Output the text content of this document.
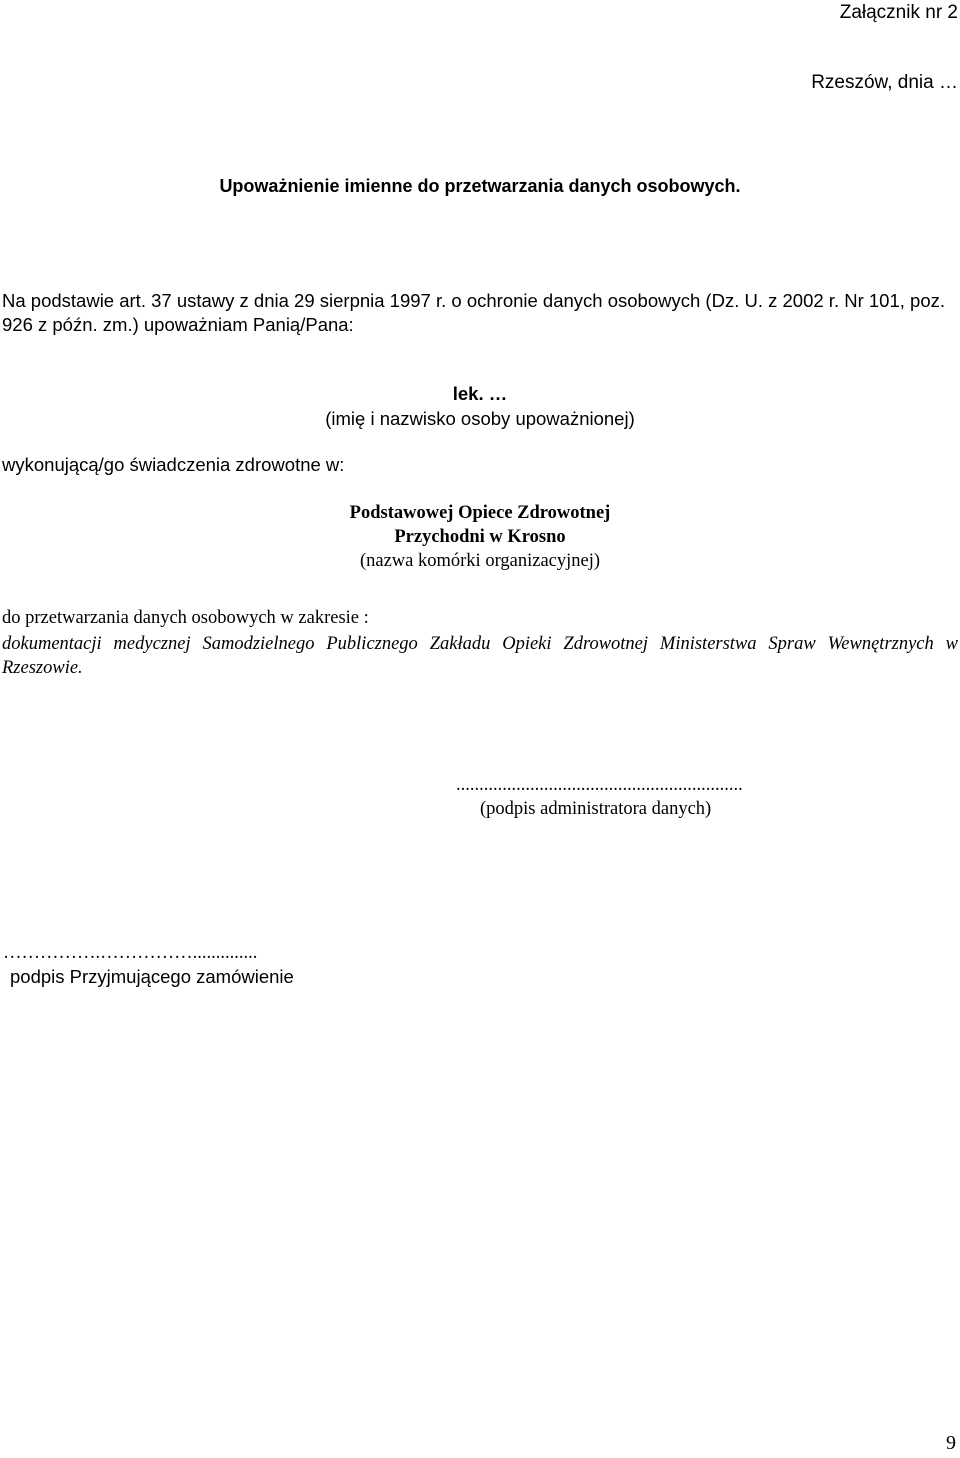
Załącznik nr 2
Rzeszów, dnia …
Upoważnienie imienne do przetwarzania danych osobowych.
Na podstawie art. 37 ustawy z dnia 29 sierpnia 1997 r. o ochronie danych osobowych (Dz. U. z 2002 r. Nr 101, poz. 926 z późn. zm.) upoważniam Panią/Pana:
lek. …
(imię i nazwisko osoby upoważnionej)
wykonującą/go świadczenia zdrowotne w:
Podstawowej Opiece Zdrowotnej
Przychodni w Krosno
(nazwa komórki organizacyjnej)
do przetwarzania danych osobowych w zakresie :
dokumentacji medycznej Samodzielnego Publicznego Zakładu Opieki Zdrowotnej Ministerstwa Spraw Wewnętrznych w Rzeszowie.
..............................................................
(podpis administratora danych)
…………….……………..............
podpis Przyjmującego zamówienie
9
